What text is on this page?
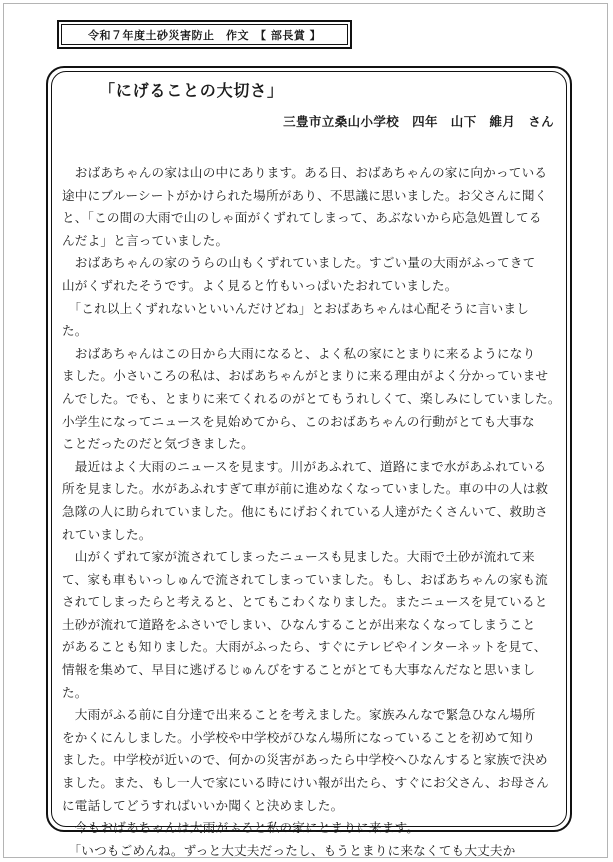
令和７年度土砂災害防止　作文　【 部長賞 】
「にげることの大切さ」
三豊市立桑山小学校　四年　山下　維月　さん
　おばあちゃんの家は山の中にあります。ある日、おばあちゃんの家に向かっている
途中にブルーシートがかけられた場所があり、不思議に思いました。お父さんに聞く
と、「この間の大雨で山のしゃ面がくずれてしまって、あぶないから応急処置してる
んだよ」と言っていました。
　おばあちゃんの家のうらの山もくずれていました。すごい量の大雨がふってきて
山がくずれたそうです。よく見ると竹もいっぱいたおれていました。
　「これ以上くずれないといいんだけどね」とおばあちゃんは心配そうに言いまし
た。
　おばあちゃんはこの日から大雨になると、よく私の家にとまりに来るようになり
ました。小さいころの私は、おばあちゃんがとまりに来る理由がよく分かっていませ
んでした。でも、とまりに来てくれるのがとてもうれしくて、楽しみにしていました。
小学生になってニュースを見始めてから、このおばあちゃんの行動がとても大事な
ことだったのだと気づきました。
　最近はよく大雨のニュースを見ます。川があふれて、道路にまで水があふれている
所を見ました。水があふれすぎて車が前に進めなくなっていました。車の中の人は救
急隊の人に助られていました。他にもにげおくれている人達がたくさんいて、救助さ
れていました。
　山がくずれて家が流されてしまったニュースも見ました。大雨で土砂が流れて来
て、家も車もいっしゅんで流されてしまっていました。もし、おばあちゃんの家も流
されてしまったらと考えると、とてもこわくなりました。またニュースを見ていると
土砂が流れて道路をふさいでしまい、ひなんすることが出来なくなってしまうこと
があることも知りました。大雨がふったら、すぐにテレビやインターネットを見て、
情報を集めて、早目に逃げるじゅんびをすることがとても大事なんだなと思いまし
た。
　大雨がふる前に自分達で出来ることを考えました。家族みんなで緊急ひなん場所
をかくにんしました。小学校や中学校がひなん場所になっていることを初めて知り
ました。中学校が近いので、何かの災害があったら中学校へひなんすると家族で決め
ました。また、もし一人で家にいる時にけい報が出たら、すぐにお父さん、お母さん
に電話してどうすればいいか聞くと決めました。
　今もおばあちゃんは大雨がふると私の家にとまりに来ます。
　「いつもごめんね。ずっと大丈夫だったし、もうとまりに来なくても大丈夫か
